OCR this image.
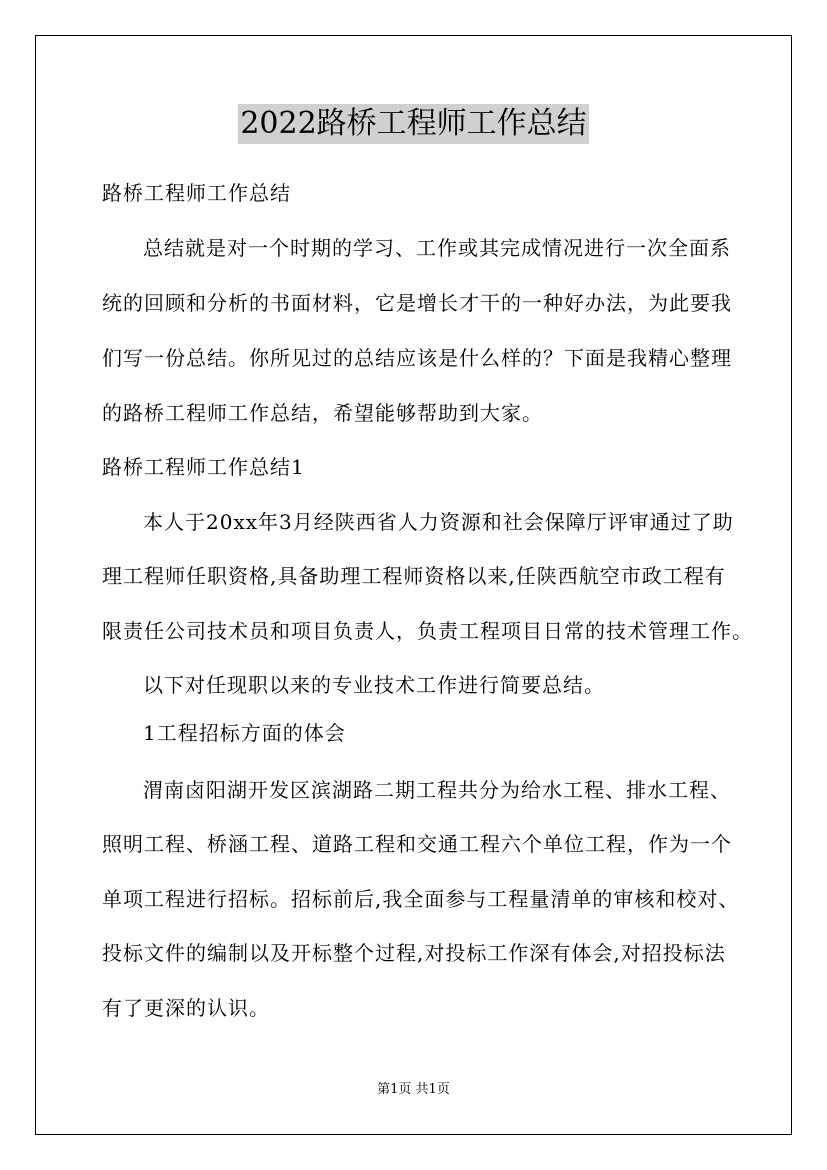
2022路桥工程师工作总结
路桥工程师工作总结
总结就是对一个时期的学习、工作或其完成情况进行一次全面系
统的回顾和分析的书面材料，它是增长才干的一种好办法，为此要我
们写一份总结。你所见过的总结应该是什么样的？下面是我精心整理
的路桥工程师工作总结，希望能够帮助到大家。
路桥工程师工作总结1
本人于20xx年3月经陕西省人力资源和社会保障厅评审通过了助
理工程师任职资格,具备助理工程师资格以来,任陕西航空市政工程有
限责任公司技术员和项目负责人，负责工程项目日常的技术管理工作。
以下对任现职以来的专业技术工作进行简要总结。
1工程招标方面的体会
渭南卤阳湖开发区滨湖路二期工程共分为给水工程、排水工程、
照明工程、桥涵工程、道路工程和交通工程六个单位工程，作为一个
单项工程进行招标。招标前后,我全面参与工程量清单的审核和校对、
投标文件的编制以及开标整个过程,对投标工作深有体会,对招投标法
有了更深的认识。
第1页 共1页
